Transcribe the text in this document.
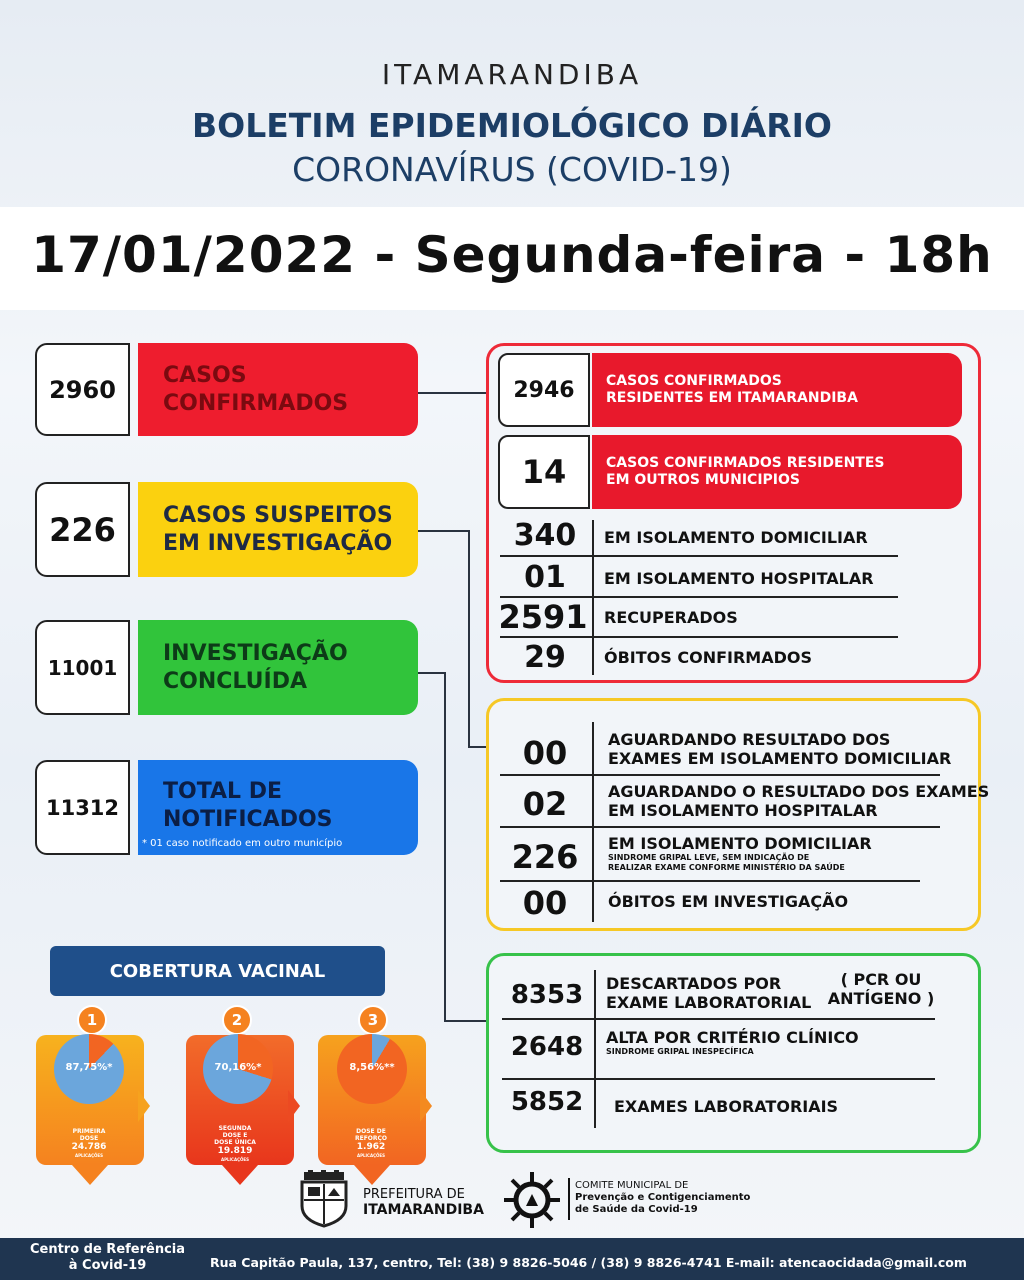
ITAMARANDIBA
BOLETIM EPIDEMIOLÓGICO DIÁRIO
CORONAVÍRUS (COVID-19)
17/01/2022 - Segunda-feira - 18h
2960
CASOS
CONFIRMADOS
226	CASOS SUSPEITOS
EM INVESTIGAÇÃO
11001
INVESTIGAÇÃO
CONCLUÍDA
11312
TOTAL DE
NOTIFICADOS
* 01 caso notificado em outro município
2946	CASOS CONFIRMADOS
RESIDENTES EM ITAMARANDIBA
14	CASOS CONFIRMADOS RESIDENTES
EM OUTROS MUNICIPIOS
340	EM ISOLAMENTO DOMICILIAR
01	EM ISOLAMENTO HOSPITALAR
2591 RECUPERADOS
29	ÓBITOS CONFIRMADOS
00	AGUARDANDO RESULTADO DOS
EXAMES EM ISOLAMENTO DOMICILIAR
02	AGUARDANDO O RESULTADO DOS EXAMES
EM ISOLAMENTO HOSPITALAR
226	EM ISOLAMENTO DOMICILIAR
SINDROME GRIPAL LEVE, SEM INDICAÇÃO DE
REALIZAR EXAME CONFORME MINISTÉRIO DA SAÚDE
00	ÓBITOS EM INVESTIGAÇÃO
8353	DESCARTADOS POR
EXAME LABORATORIAL
( PCR OU
ANTÍGENO )
2648	ALTA POR CRITÉRIO CLÍNICO
SINDROME GRIPAL INESPECÍFICA
5852	EXAMES LABORATORIAIS
COBERTURA VACINAL
1
87,75%*
PRIMEIRA
DOSE
24.786
APLICAÇÕES
2
70,16%*
SEGUNDA
DOSE E
DOSE ÚNICA
19.819
APLICAÇÕES
3
8,56%**
DOSE DE
REFORÇO
1.962
APLICAÇÕES
PREFEITURA DE
ITAMARANDIBA
COMITE MUNICIPAL DE
Prevenção e Contigenciamento
de Saúde da Covid-19
Centro de Referência
à Covid-19	Rua Capitão Paula, 137, centro, Tel: (38) 9 8826-5046 / (38) 9 8826-4741 E-mail: atencaocidada@gmail.com
